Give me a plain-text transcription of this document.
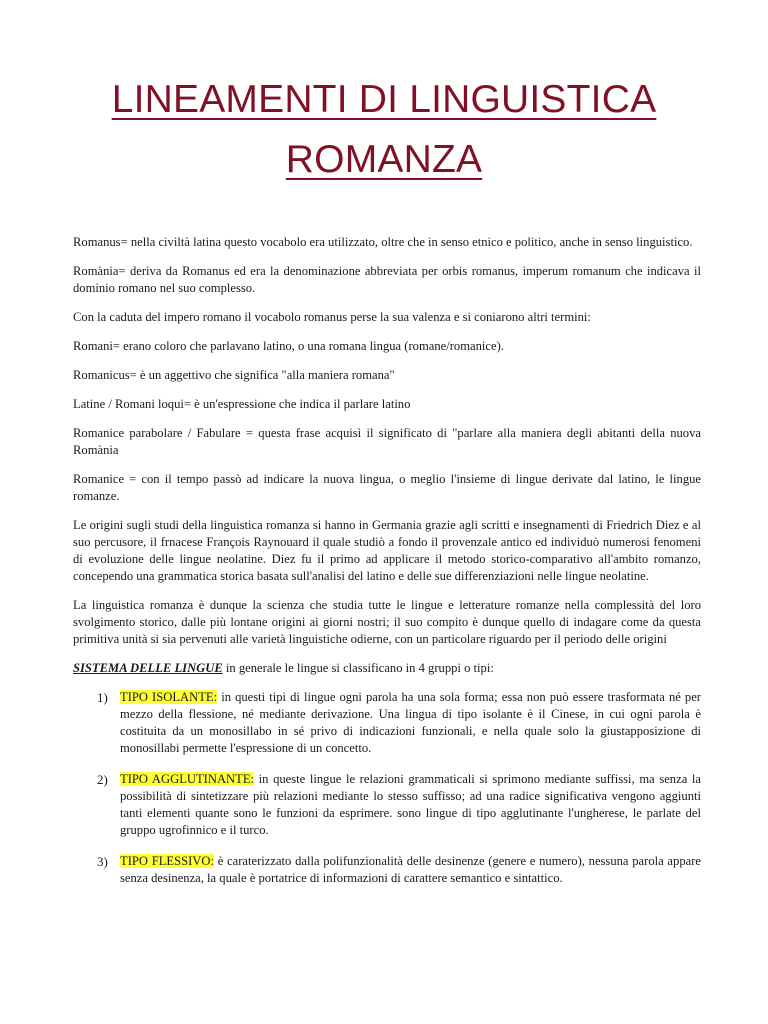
LINEAMENTI DI LINGUISTICA
ROMANZA

Romanus= nella civiltà latina questo vocabolo era utilizzato, oltre che in senso etnico e politico, anche in senso linguistico.

Romània= deriva da Romanus ed era la denominazione abbreviata per orbis romanus, imperum romanum che indicava il dominio romano nel suo complesso.

Con la caduta del impero romano il vocabolo romanus perse la sua valenza e si coniarono altri termini:

Romani= erano coloro che parlavano latino, o una romana lingua (romane/romanice).

Romanicus= è un aggettivo che significa "alla maniera romana"

Latine / Romani loqui= è un'espressione che indica il parlare latino

Romanice parabolare / Fabulare = questa frase acquisì il significato di "parlare alla maniera degli abitanti della nuova Romània

Romanice = con il tempo passò ad indicare la nuova lingua, o meglio l'insieme di lingue derivate dal latino, le lingue romanze.

Le origini sugli studi della linguistica romanza si hanno in Germania grazie agli scritti e insegnamenti di Friedrich Diez e al suo percusore, il frnacese François Raynouard il quale studiò a fondo il provenzale antico ed individuò numerosi fenomeni di evoluzione delle lingue neolatine. Diez fu il primo ad applicare il metodo storico-comparativo all'ambito romanzo, concependo una grammatica storica basata sull'analisi del latino e delle sue differenziazioni nelle lingue neolatine.

La linguistica romanza è dunque la scienza che studia tutte le lingue e letterature romanze nella complessità del loro svolgimento storico, dalle più lontane origini ai giorni nostri; il suo compito è dunque quello di indagare come da questa primitiva unità si sia pervenuti alle varietà linguistiche odierne, con un particolare riguardo per il periodo delle origini

SISTEMA DELLE LINGUE in generale le lingue si classificano in 4 gruppi o tipi:

1) TIPO ISOLANTE: in questi tipi di lingue ogni parola ha una sola forma; essa non può essere trasformata né per mezzo della flessione, né mediante derivazione. Una lingua di tipo isolante è il Cinese, in cui ogni parola è costituita da un monosillabo in sé privo di indicazioni funzionali, e nella quale solo la giustapposizione di monosillabi permette l'espressione di un concetto.
2) TIPO AGGLUTINANTE: in queste lingue le relazioni grammaticali si sprimono mediante suffissi, ma senza la possibilità di sintetizzare più relazioni mediante lo stesso suffisso; ad una radice significativa vengono aggiunti tanti elementi quante sono le funzioni da esprimere. sono lingue di tipo agglutinante l'ungherese, le parlate del gruppo ugrofinnico e il turco.
3) TIPO FLESSIVO: è caraterizzato dalla polifunzionalità delle desinenze (genere e numero), nessuna parola appare senza desinenza, la quale è portatrice di informazioni di carattere semantico e sintattico.
